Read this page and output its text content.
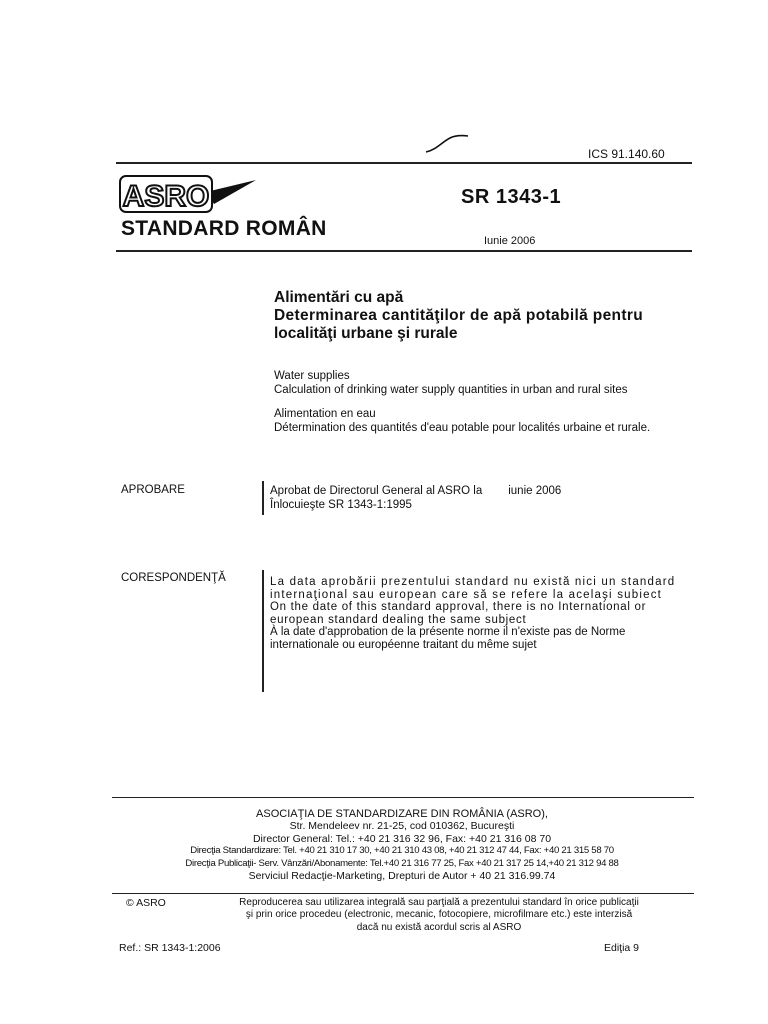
ICS 91.140.60
ASRO	SR 1343-1
STANDARD ROMÂN
Iunie 2006
Alimentări cu apă
Determinarea cantităţilor de apă potabilă pentru
localităţi urbane şi rurale
Water supplies
Calculation of drinking water supply quantities in urban and rural sites
Alimentation en eau
Détermination des quantités d'eau potable pour localités urbaine et rurale.
APROBARE	Aprobat de Directorul General al ASRO la iunie 2006
Înlocuieşte SR 1343-1:1995
CORESPONDENŢĂ	La data aprobării prezentului standard nu există nici un standard internaţional sau european care să se refere la acelaşi subiect

On the date of this standard approval, there is no International or european standard dealing the same subject

À la date d'approbation de la présente norme il n'existe pas de Norme internationale ou européenne traitant du même sujet

ASOCIAŢIA DE STANDARDIZARE DIN ROMÂNIA (ASRO),
Str. Mendeleev nr. 21-25, cod 010362, Bucureşti
Director General: Tel.: +40 21 316 32 96, Fax: +40 21 316 08 70
Direcţia Standardizare: Tel. +40 21 310 17 30, +40 21 310 43 08, +40 21 312 47 44, Fax: +40 21 315 58 70
Direcţia Publicaţii- Serv. Vânzări/Abonamente: Tel.+40 21 316 77 25, Fax +40 21 317 25 14,+40 21 312 94 88
Serviciul Redacţie-Marketing, Drepturi de Autor + 40 21 316.99.74
© ASRO	Reproducerea sau utilizarea integrală sau parţială a prezentului standard în orice publicaţii
şi prin orice procedeu (electronic, mecanic, fotocopiere, microfilmare etc.) este interzisă
dacă nu există acordul scris al ASRO
Ref.: SR 1343-1:2006	Ediţia 9
